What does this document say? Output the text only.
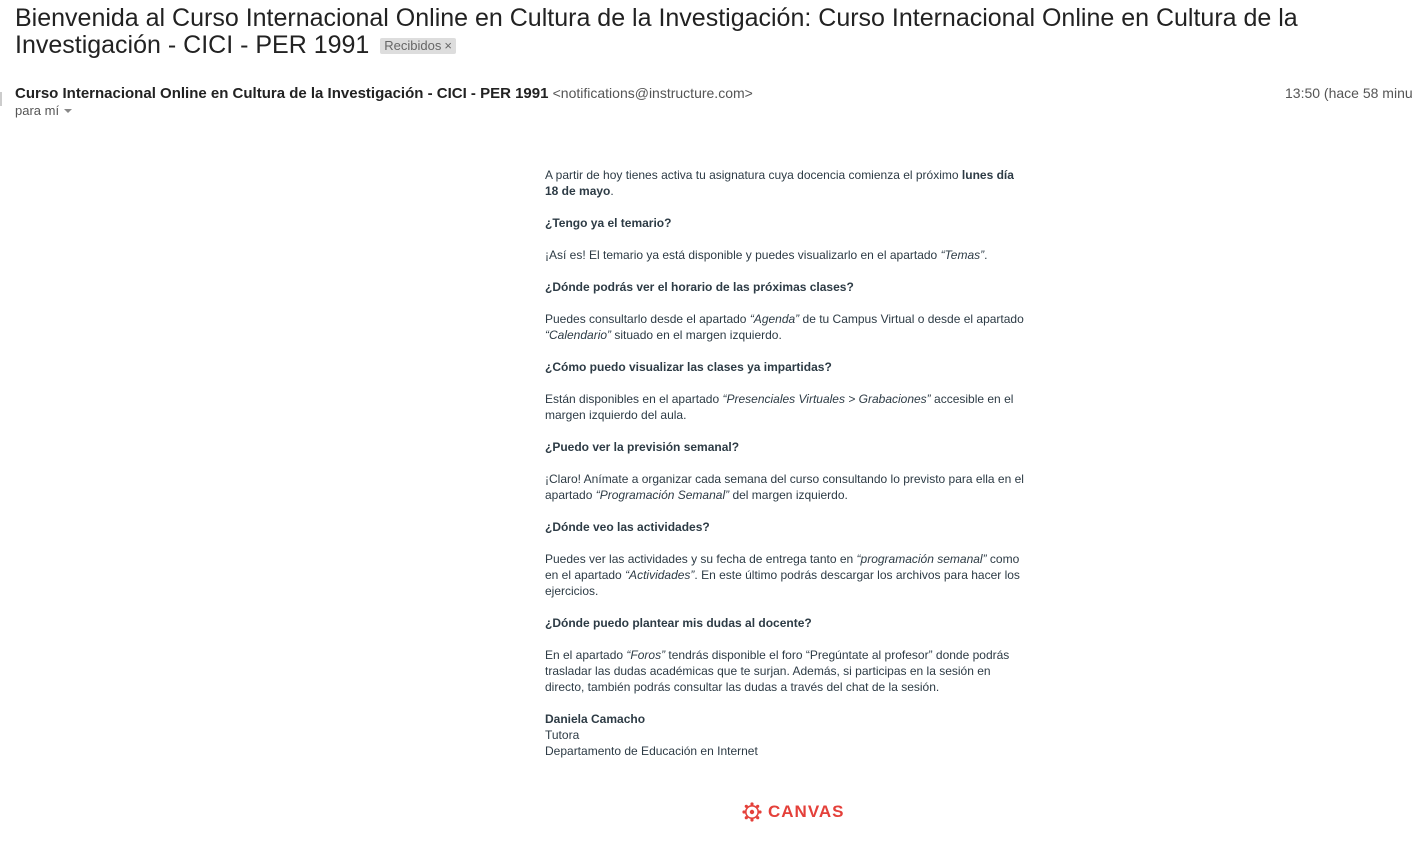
Bienvenida al Curso Internacional Online en Cultura de la Investigación: Curso Internacional Online en Cultura de la Investigación - CICI - PER 1991 Recibidos ×
Curso Internacional Online en Cultura de la Investigación - CICI - PER 1991 <notifications@instructure.com>
para mí
13:50 (hace 58 minu

A partir de hoy tienes activa tu asignatura cuya docencia comienza el próximo lunes día 18 de mayo.

¿Tengo ya el temario?

¡Así es! El temario ya está disponible y puedes visualizarlo en el apartado “Temas”.

¿Dónde podrás ver el horario de las próximas clases?

Puedes consultarlo desde el apartado “Agenda” de tu Campus Virtual o desde el apartado “Calendario” situado en el margen izquierdo.

¿Cómo puedo visualizar las clases ya impartidas?

Están disponibles en el apartado “Presenciales Virtuales > Grabaciones” accesible en el margen izquierdo del aula.

¿Puedo ver la previsión semanal?

¡Claro! Anímate a organizar cada semana del curso consultando lo previsto para ella en el apartado “Programación Semanal” del margen izquierdo.

¿Dónde veo las actividades?

Puedes ver las actividades y su fecha de entrega tanto en “programación semanal” como en el apartado “Actividades”. En este último podrás descargar los archivos para hacer los ejercicios.

¿Dónde puedo plantear mis dudas al docente?

En el apartado “Foros” tendrás disponible el foro “Pregúntate al profesor” donde podrás trasladar las dudas académicas que te surjan. Además, si participas en la sesión en directo, también podrás consultar las dudas a través del chat de la sesión.

Daniela Camacho
Tutora
Departamento de Educación en Internet
CANVAS
